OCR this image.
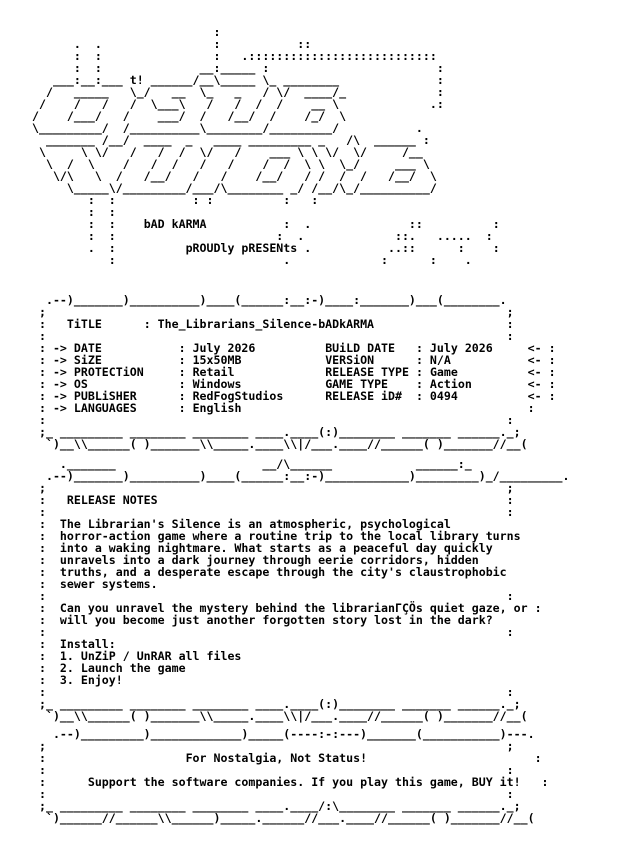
:
.  .                :           ::
:  :                :   .:::::::::::::::::::::::::::
:  :              __:_____ :                        :
___:__:___ t! ______/__\_____ \_ ________              :
/   _____   \_/   __  \_   _   / \/  ____/_             :
/    /   /   /  \___\   /   /  /  /    __ \             .:
/    /___/   /    ___/  /   /__/  /    /_/  \
\_________/  /__________\________/_________/           .
_______ /__/  ____  _   ____ _________ _   /\  ______ :
\     \ \/   /   /  /  \/   /    ___ \ \ \/  \/     /__
\  /  \    /   /  /   /   /    /  /  \ \  \_/     ___ \
\/\   \  /   /__/   /   /    /__/   / /  /  /   /__/  \
\_____\/_________/___/\________ _/ /__/\_/__________/
:  :           : :          :   :
:  :
:  :    bAD kARMA           :  .              ::          :
:  :                       :  .             ::.   .....  :
.  :          pROUDly pRESENts .           ..::      :    :
:                        .             :      :    .
.--)_______)__________)____(______:__:-)____:_______)___(________.
;                                                                  ;
:   TiTLE      : The_Librarians_Silence-bADkARMA                   :
:                                                                  :
: -> DATE           : July 2026	BUiLD DATE   : July 2026     <- :
: -> SiZE           : 15x50MB	VERSiON      : N/A           <- :
: -> PROTECTiON     : Retail	RELEASE TYPE : Game          <- :
: -> OS             : Windows	GAME TYPE    : Action        <- :
: -> PUBLiSHER      : RedFogStudios	RELEASE iD#  : 0494          <- :
: -> LANGUAGES      : English                                         :
:                                                                  :
;_ _________ ________ ________ ____.____(:)________ _______ ______._;
`)__\\______( )_______\\_____.____\\|/___.____//______( )_______//__(
._______                     __/\______            ______:_
.--)_______)__________)____(______:__:-)____________)_________)_/_________.
;                                                                  ;
:   RELEASE NOTES                                                  :
:                                                                  :
:  The Librarian's Silence is an atmospheric, psychological
:  horror-action game where a routine trip to the local library turns
:  into a waking nightmare. What starts as a peaceful day quickly
:  unravels into a dark journey through eerie corridors, hidden
:  truths, and a desperate escape through the city's claustrophobic
:  sewer systems.
:                                                                  :
:  Can you unravel the mystery behind the librarianΓÇÖs quiet gaze, or :
:  will you become just another forgotten story lost in the dark?
:                                                                  :
:  Install:
:  1. UnZiP / UnRAR all files
:  2. Launch the game
:  3. Enjoy!
:                                                                  :
;_ _________ ________ ________ ____.____(:)________ _______ ______._;
`)__\\______( )_______\\_____.____\\|/___.____//______( )_______//__(
.--)_________)_____________)_____(----:-:---)_______(___________)---.
;                                                                  ;
:                    For Nostalgia, Not Status!                        :
:                                                                  :
:      Support the software companies. If you play this game, BUY it!   :
:                                                                  :
;_ _________ ________ ________ ____.____/:\________ _______ ______._;
`)______//______\\______)_____.______//___.____//______( )_______//__(
